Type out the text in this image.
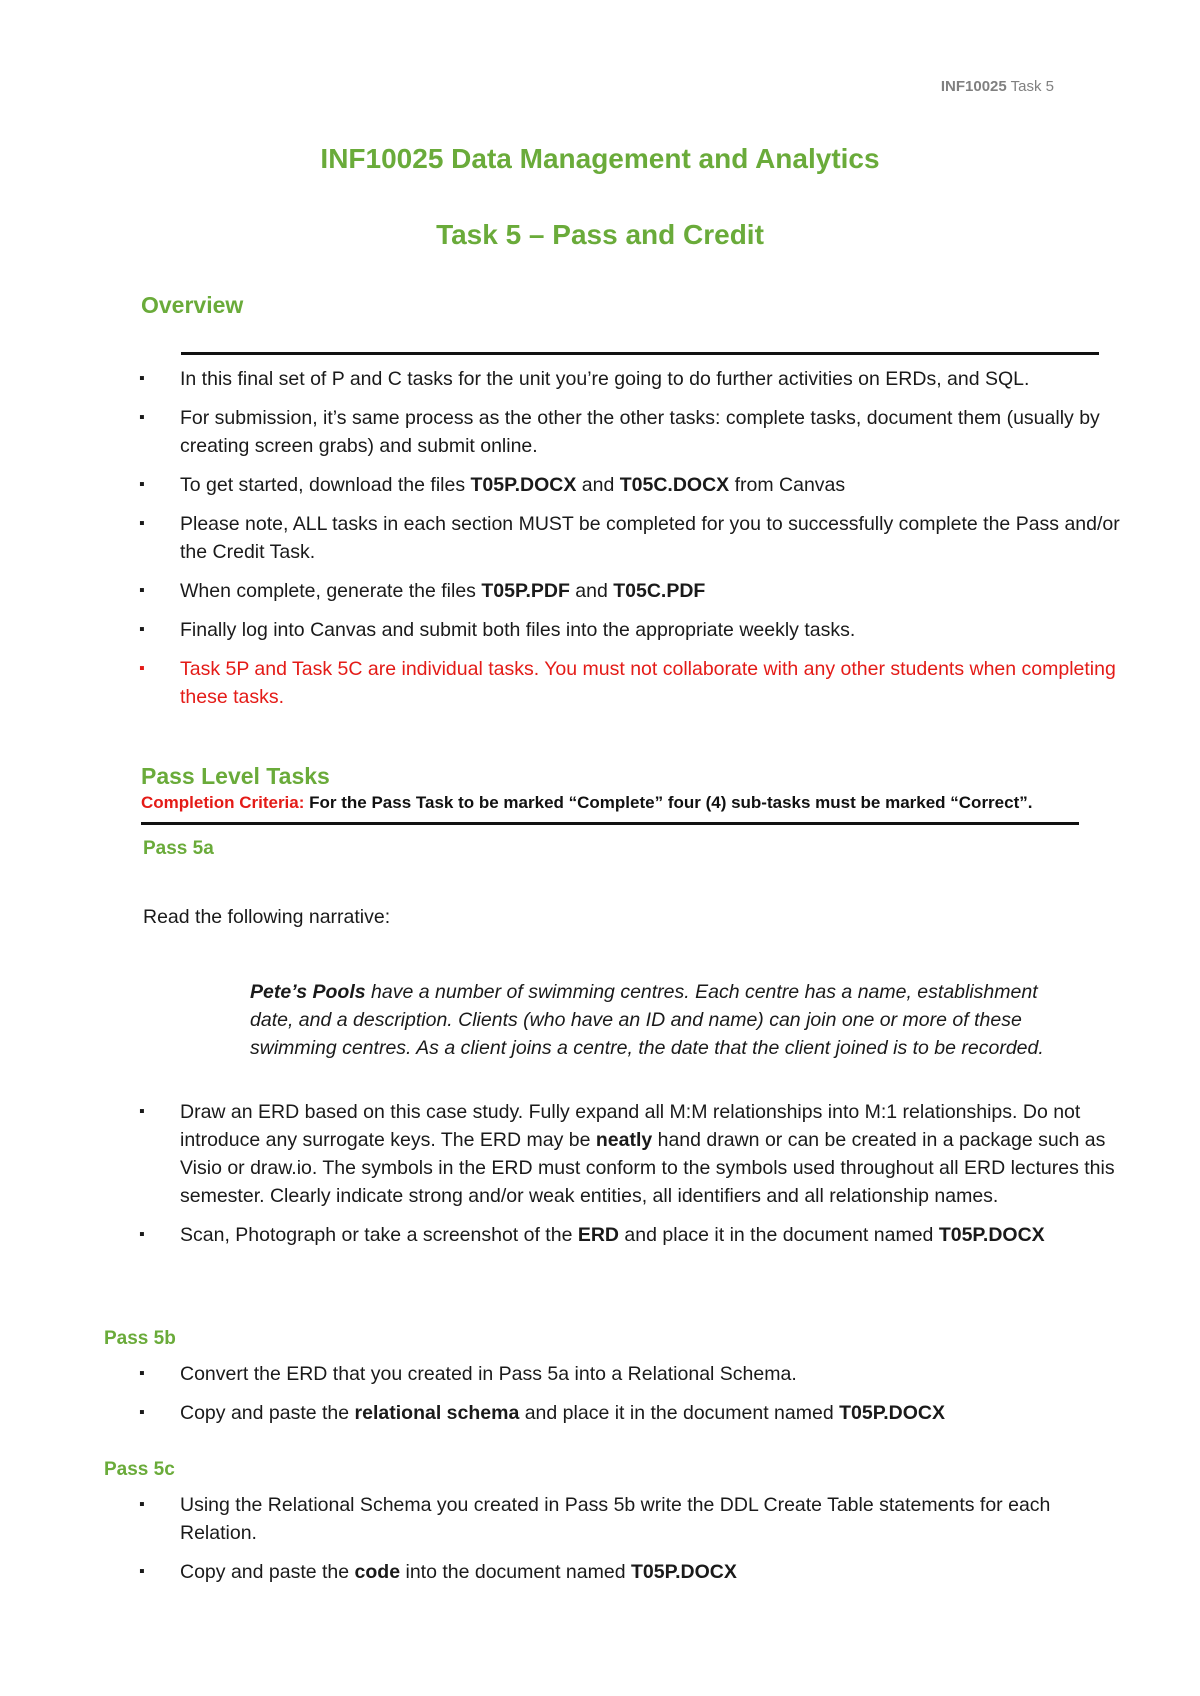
INF10025 Task 5
INF10025 Data Management and Analytics
Task 5 – Pass and Credit
Overview
▪ In this final set of P and C tasks for the unit you’re going to do further activities on ERDs, and SQL.
▪ For submission, it’s same process as the other the other tasks: complete tasks, document them (usually by creating screen grabs) and submit online.
▪ To get started, download the files T05P.DOCX and T05C.DOCX from Canvas
▪ Please note, ALL tasks in each section MUST be completed for you to successfully complete the Pass and/or the Credit Task.
▪ When complete, generate the files T05P.PDF and T05C.PDF
▪ Finally log into Canvas and submit both files into the appropriate weekly tasks.
▪ Task 5P and Task 5C are individual tasks. You must not collaborate with any other students when completing these tasks.
Pass Level Tasks
Completion Criteria: For the Pass Task to be marked “Complete” four (4) sub-tasks must be marked “Correct”.
Pass 5a
Read the following narrative:
Pete’s Pools have a number of swimming centres. Each centre has a name, establishment date, and a description. Clients (who have an ID and name) can join one or more of these swimming centres. As a client joins a centre, the date that the client joined is to be recorded.
▪ Draw an ERD based on this case study. Fully expand all M:M relationships into M:1 relationships. Do not introduce any surrogate keys. The ERD may be neatly hand drawn or can be created in a package such as Visio or draw.io. The symbols in the ERD must conform to the symbols used throughout all ERD lectures this semester. Clearly indicate strong and/or weak entities, all identifiers and all relationship names.
▪ Scan, Photograph or take a screenshot of the ERD and place it in the document named T05P.DOCX
Pass 5b
▪ Convert the ERD that you created in Pass 5a into a Relational Schema.
▪ Copy and paste the relational schema and place it in the document named T05P.DOCX
Pass 5c
▪ Using the Relational Schema you created in Pass 5b write the DDL Create Table statements for each Relation.
▪ Copy and paste the code into the document named T05P.DOCX
